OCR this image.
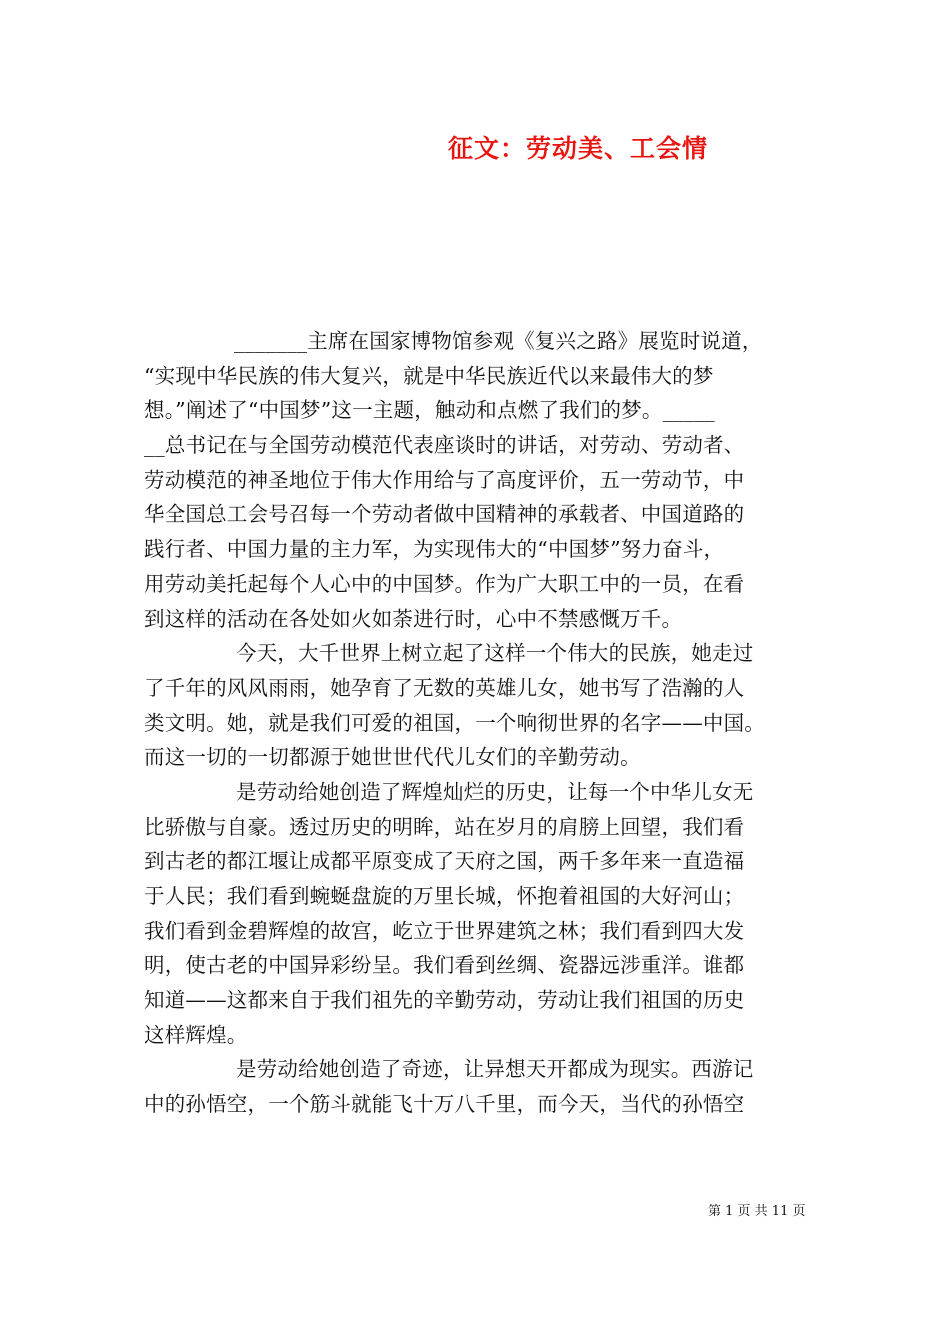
征文：劳动美、工会情
_______主席在国家博物馆参观《复兴之路》展览时说道，
“实现中华民族的伟大复兴，就是中华民族近代以来最伟大的梦
想。”阐述了“中国梦”这一主题，触动和点燃了我们的梦。_____
__总书记在与全国劳动模范代表座谈时的讲话，对劳动、劳动者、
劳动模范的神圣地位于伟大作用给与了高度评价，五一劳动节，中
华全国总工会号召每一个劳动者做中国精神的承载者、中国道路的
践行者、中国力量的主力军，为实现伟大的“中国梦”努力奋斗，
用劳动美托起每个人心中的中国梦。作为广大职工中的一员，在看
到这样的活动在各处如火如荼进行时，心中不禁感慨万千。
今天，大千世界上树立起了这样一个伟大的民族，她走过
了千年的风风雨雨，她孕育了无数的英雄儿女，她书写了浩瀚的人
类文明。她，就是我们可爱的祖国，一个响彻世界的名字——中国。
而这一切的一切都源于她世世代代儿女们的辛勤劳动。
是劳动给她创造了辉煌灿烂的历史，让每一个中华儿女无
比骄傲与自豪。透过历史的明眸，站在岁月的肩膀上回望，我们看
到古老的都江堰让成都平原变成了天府之国，两千多年来一直造福
于人民；我们看到蜿蜒盘旋的万里长城，怀抱着祖国的大好河山；
我们看到金碧辉煌的故宫，屹立于世界建筑之林；我们看到四大发
明，使古老的中国异彩纷呈。我们看到丝绸、瓷器远涉重洋。谁都
知道——这都来自于我们祖先的辛勤劳动，劳动让我们祖国的历史
这样辉煌。
是劳动给她创造了奇迹，让异想天开都成为现实。西游记
中的孙悟空，一个筋斗就能飞十万八千里，而今天，当代的孙悟空
第 1 页 共 11 页
